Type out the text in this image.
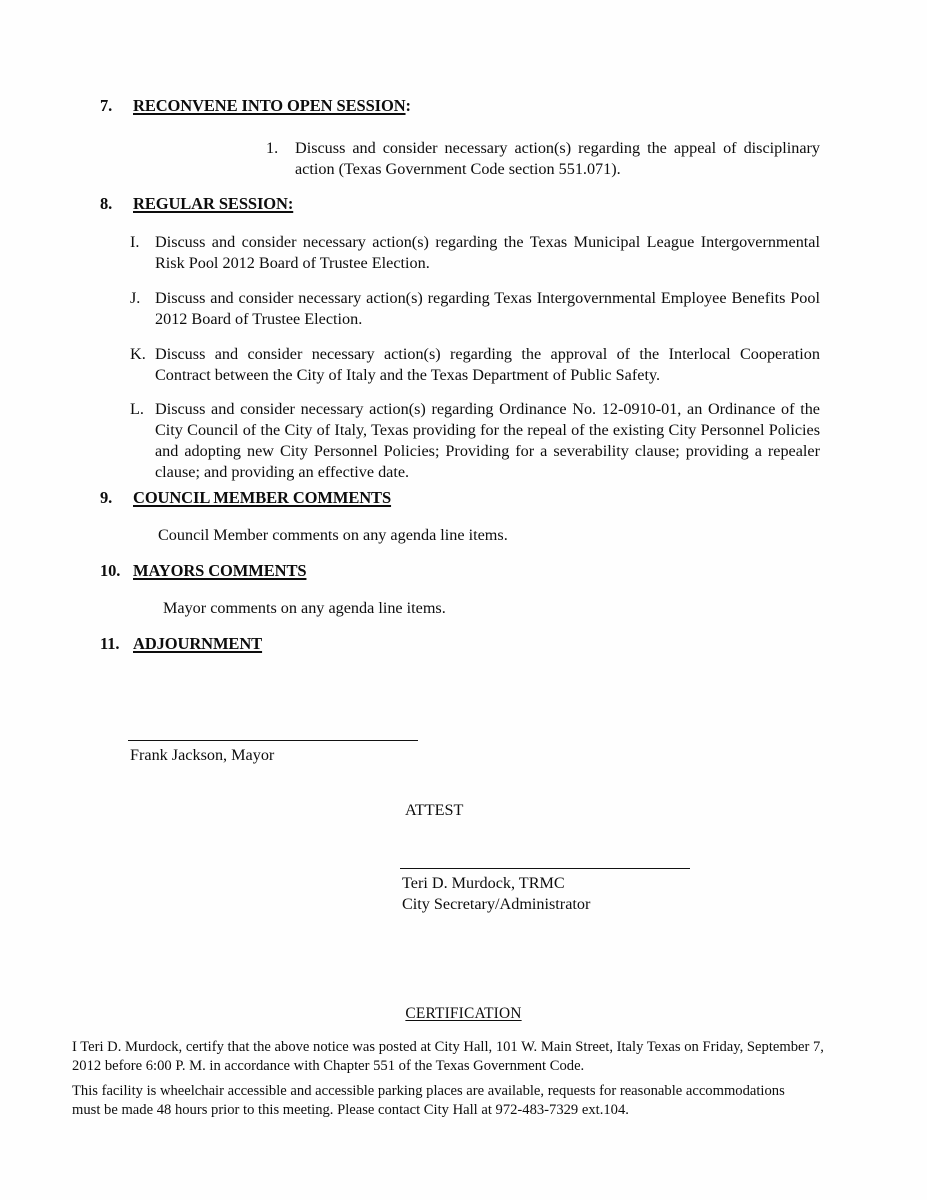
7.	RECONVENE INTO OPEN SESSION:
1.	Discuss and consider necessary action(s) regarding the appeal of disciplinary action (Texas Government Code section 551.071).
8.	REGULAR SESSION:
I. Discuss and consider necessary action(s) regarding the Texas Municipal League Intergovernmental Risk Pool 2012 Board of Trustee Election.
J. Discuss and consider necessary action(s) regarding Texas Intergovernmental Employee Benefits Pool 2012 Board of Trustee Election.
K. Discuss and consider necessary action(s) regarding the approval of the Interlocal Cooperation Contract between the City of Italy and the Texas Department of Public Safety.
L. Discuss and consider necessary action(s) regarding Ordinance No. 12-0910-01, an Ordinance of the City Council of the City of Italy, Texas providing for the repeal of the existing City Personnel Policies and adopting new City Personnel Policies; Providing for a severability clause; providing a repealer clause; and providing an effective date.
9.	COUNCIL MEMBER COMMENTS
Council Member comments on any agenda line items.
10. MAYORS COMMENTS
Mayor comments on any agenda line items.
11. ADJOURNMENT
Frank Jackson, Mayor
ATTEST
Teri D. Murdock, TRMC
City Secretary/Administrator
CERTIFICATION
I Teri D. Murdock, certify that the above notice was posted at City Hall, 101 W. Main Street, Italy Texas on Friday, September 7, 2012 before 6:00 P. M. in accordance with Chapter 551 of the Texas Government Code.
This facility is wheelchair accessible and accessible parking places are available, requests for reasonable accommodations must be made 48 hours prior to this meeting. Please contact City Hall at 972-483-7329 ext.104.
